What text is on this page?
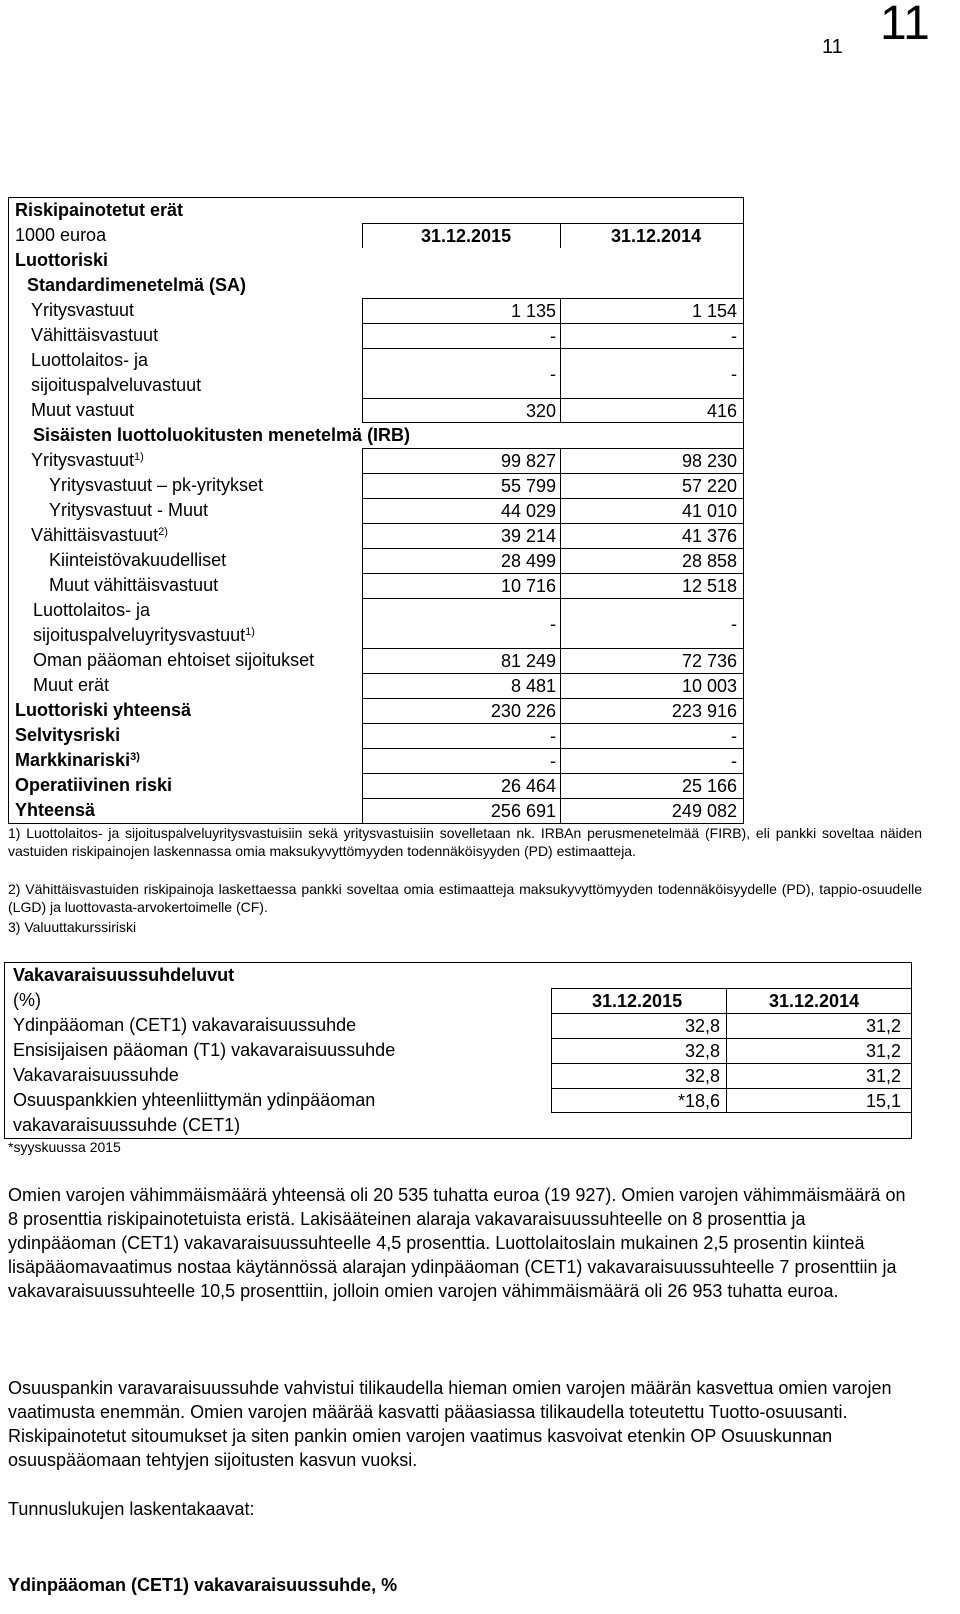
11 11
Riskipainotetut erät
1000 euroa	31.12.2015	31.12.2014
Luottoriski
Standardimenetelmä (SA)
Yritysvastuut	1 135	1 154
Vähittäisvastuut	-	-
Luottolaitos- ja
sijoituspalveluvastuut
-	-
Muut vastuut	320	416
Sisäisten luottoluokitusten menetelmä (IRB)
Yritysvastuut$^{1)}$	99 827	98 230
Yritysvastuut – pk-yritykset	55 799	57 220
Yritysvastuut - Muut	44 029	41 010
Vähittäisvastuut$^{2)}$	39 214	41 376
Kiinteistövakuudelliset	28 499	28 858
Muut vähittäisvastuut	10 716	12 518
Luottolaitos- ja
sijoituspalveluyritysvastuut$^{1)}$	-	-
Oman pääoman ehtoiset sijoitukset	81 249	72 736
Muut erät	8 481	10 003
Luottoriski yhteensä	230 226	223 916
Selvitysriski	-	-
Markkinariski$^{3)}$	-	-
Operatiivinen riski	26 464	25 166
Yhteensä	256 691	249 082
1) Luottolaitos- ja sijoituspalveluyritysvastuisiin sekä yritysvastuisiin sovelletaan nk. IRBAn perusmenetelmää (FIRB), eli pankki soveltaa näiden vastuiden riskipainojen laskennassa omia maksukyvyttömyyden todennäköisyyden (PD) estimaatteja.
2) Vähittäisvastuiden riskipainoja laskettaessa pankki soveltaa omia estimaatteja maksukyvyttömyyden todennäköisyydelle (PD), tappio-osuudelle (LGD) ja luottovasta-arvokertoimelle (CF).
3) Valuuttakurssiriski
Vakavaraisuussuhdeluvut
(%)	31.12.2015	31.12.2014
Ydinpääoman (CET1) vakavaraisuussuhde	32,8	31,2
Ensisijaisen pääoman (T1) vakavaraisuussuhde	32,8	31,2
Vakavaraisuussuhde	32,8	31,2
Osuuspankkien yhteenliittymän ydinpääoman
vakavaraisuussuhde (CET1)
*18,6	15,1
*syyskuussa 2015
Omien varojen vähimmäismäärä yhteensä oli 20 535 tuhatta euroa (19 927). Omien varojen vähimmäismäärä on 8 prosenttia riskipainotetuista eristä. Lakisääteinen alaraja vakavaraisuussuhteelle on 8 prosenttia ja ydinpääoman (CET1) vakavaraisuussuhteelle 4,5 prosenttia. Luottolaitoslain mukainen 2,5 prosentin kiinteä lisäpääomavaatimus nostaa käytännössä alarajan ydinpääoman (CET1) vakavaraisuussuhteelle 7 prosenttiin ja vakavaraisuussuhteelle 10,5 prosenttiin, jolloin omien varojen vähimmäismäärä oli 26 953 tuhatta euroa.
Osuuspankin varavaraisuussuhde vahvistui tilikaudella hieman omien varojen määrän kasvettua omien varojen vaatimusta enemmän. Omien varojen määrää kasvatti pääasiassa tilikaudella toteutettu Tuotto-osuusanti. Riskipainotetut sitoumukset ja siten pankin omien varojen vaatimus kasvoivat etenkin OP Osuuskunnan osuuspääomaan tehtyjen sijoitusten kasvun vuoksi.
Tunnuslukujen laskentakaavat:
Ydinpääoman (CET1) vakavaraisuussuhde, %
